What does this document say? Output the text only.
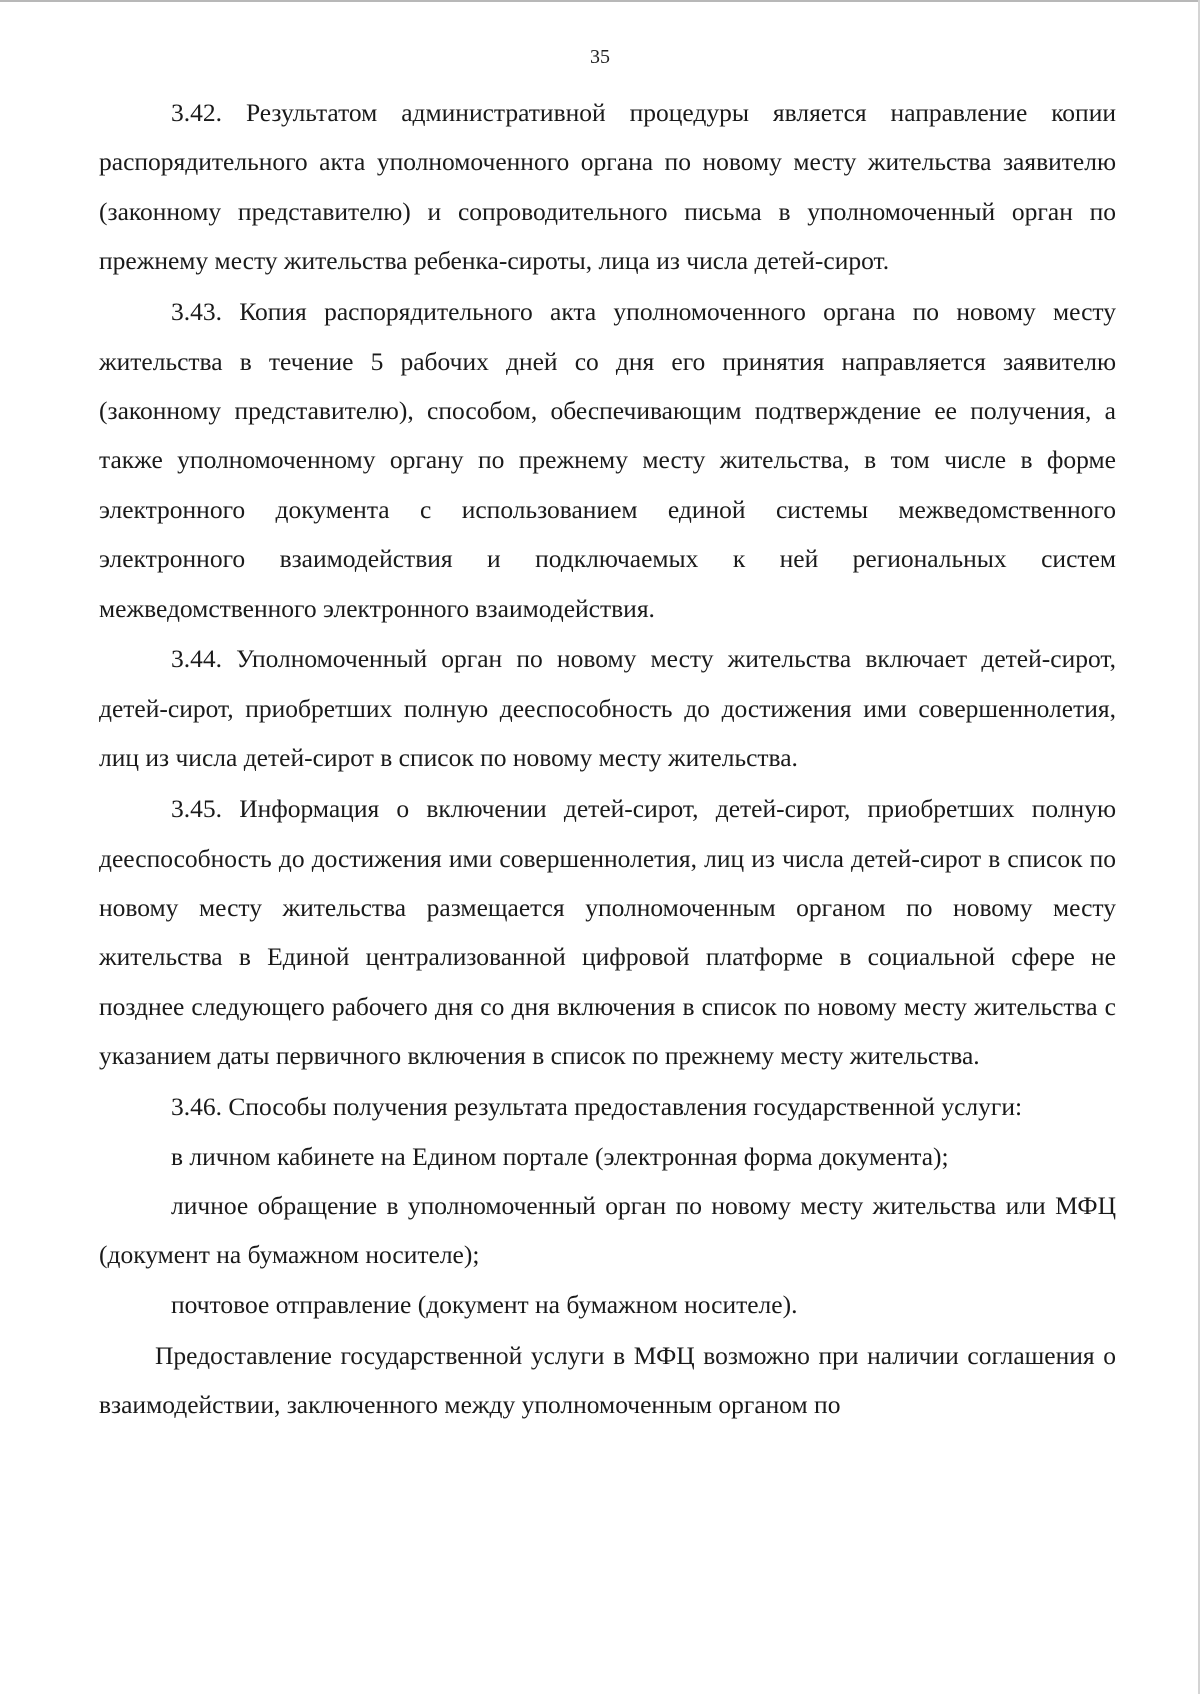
35

3.42. Результатом административной процедуры является направление копии распорядительного акта уполномоченного органа по новому месту жительства заявителю (законному представителю) и сопроводительного письма в уполномоченный орган по прежнему месту жительства ребенка-сироты, лица из числа детей-сирот.

3.43. Копия распорядительного акта уполномоченного органа по новому месту жительства в течение 5 рабочих дней со дня его принятия направляется заявителю (законному представителю), способом, обеспечивающим подтверждение ее получения, а также уполномоченному органу по прежнему месту жительства, в том числе в форме электронного документа с использованием единой системы межведомственного электронного взаимодействия и подключаемых к ней региональных систем межведомственного электронного взаимодействия.

3.44. Уполномоченный орган по новому месту жительства включает детей-сирот, детей-сирот, приобретших полную дееспособность до достижения ими совершеннолетия, лиц из числа детей-сирот в список по новому месту жительства.

3.45. Информация о включении детей-сирот, детей-сирот, приобретших полную дееспособность до достижения ими совершеннолетия, лиц из числа детей-сирот в список по новому месту жительства размещается уполномоченным органом по новому месту жительства в Единой централизованной цифровой платформе в социальной сфере не позднее следующего рабочего дня со дня включения в список по новому месту жительства с указанием даты первичного включения в список по прежнему месту жительства.

3.46. Способы получения результата предоставления государственной услуги:

в личном кабинете на Едином портале (электронная форма документа);

личное обращение в уполномоченный орган по новому месту жительства или МФЦ (документ на бумажном носителе);

почтовое отправление (документ на бумажном носителе).

Предоставление государственной услуги в МФЦ возможно при наличии соглашения о взаимодействии, заключенного между уполномоченным органом по
